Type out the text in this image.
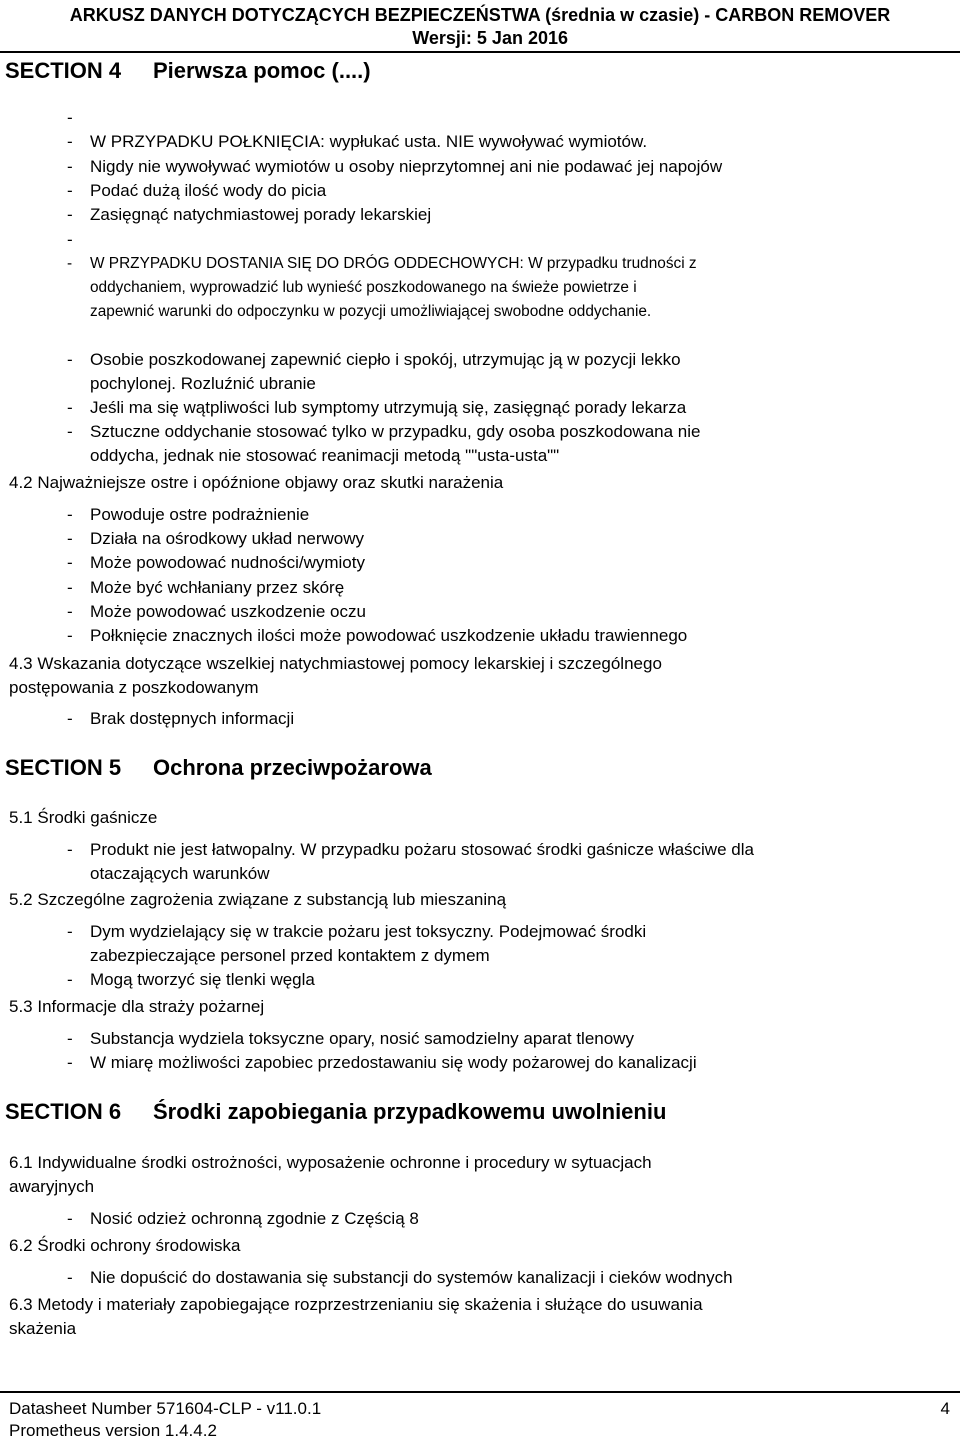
ARKUSZ DANYCH DOTYCZĄCYCH BEZPIECZEŃSTWA (średnia w czasie) - CARBON REMOVER
Wersji: 5 Jan 2016
SECTION 4 Pierwsza pomoc (....)
-
- W PRZYPADKU POŁKNIĘCIA: wypłukać usta. NIE wywoływać wymiotów.
- Nigdy nie wywoływać wymiotów u osoby nieprzytomnej ani nie podawać jej napojów
- Podać dużą ilość wody do picia
- Zasięgnąć natychmiastowej porady lekarskiej
-
- W PRZYPADKU DOSTANIA SIĘ DO DRÓG ODDECHOWYCH: W przypadku trudności z
oddychaniem, wyprowadzić lub wynieść poszkodowanego na świeże powietrze i
zapewnić warunki do odpoczynku w pozycji umożliwiającej swobodne oddychanie.
- Osobie poszkodowanej zapewnić ciepło i spokój, utrzymując ją w pozycji lekko
pochylonej. Rozluźnić ubranie
- Jeśli ma się wątpliwości lub symptomy utrzymują się, zasięgnąć porady lekarza
- Sztuczne oddychanie stosować tylko w przypadku, gdy osoba poszkodowana nie
oddycha, jednak nie stosować reanimacji metodą ""usta-usta""
4.2 Najważniejsze ostre i opóźnione objawy oraz skutki narażenia
- Powoduje ostre podrażnienie
- Działa na ośrodkowy układ nerwowy
- Może powodować nudności/wymioty
- Może być wchłaniany przez skórę
- Może powodować uszkodzenie oczu
- Połknięcie znacznych ilości może powodować uszkodzenie układu trawiennego
4.3 Wskazania dotyczące wszelkiej natychmiastowej pomocy lekarskiej i szczególnego
postępowania z poszkodowanym
- Brak dostępnych informacji
SECTION 5 Ochrona przeciwpożarowa
5.1 Środki gaśnicze
- Produkt nie jest łatwopalny. W przypadku pożaru stosować środki gaśnicze właściwe dla
otaczających warunków
5.2 Szczególne zagrożenia związane z substancją lub mieszaniną
- Dym wydzielający się w trakcie pożaru jest toksyczny. Podejmować środki
zabezpieczające personel przed kontaktem z dymem
- Mogą tworzyć się tlenki węgla
5.3 Informacje dla straży pożarnej
- Substancja wydziela toksyczne opary, nosić samodzielny aparat tlenowy
- W miarę możliwości zapobiec przedostawaniu się wody pożarowej do kanalizacji
SECTION 6 Środki zapobiegania przypadkowemu uwolnieniu
6.1 Indywidualne środki ostrożności, wyposażenie ochronne i procedury w sytuacjach
awaryjnych
- Nosić odzież ochronną zgodnie z Częścią 8
6.2 Środki ochrony środowiska
- Nie dopuścić do dostawania się substancji do systemów kanalizacji i cieków wodnych
6.3 Metody i materiały zapobiegające rozprzestrzenianiu się skażenia i służące do usuwania
skażenia
Datasheet Number 571604-CLP - v11.0.1	4
Prometheus version 1.4.4.2
